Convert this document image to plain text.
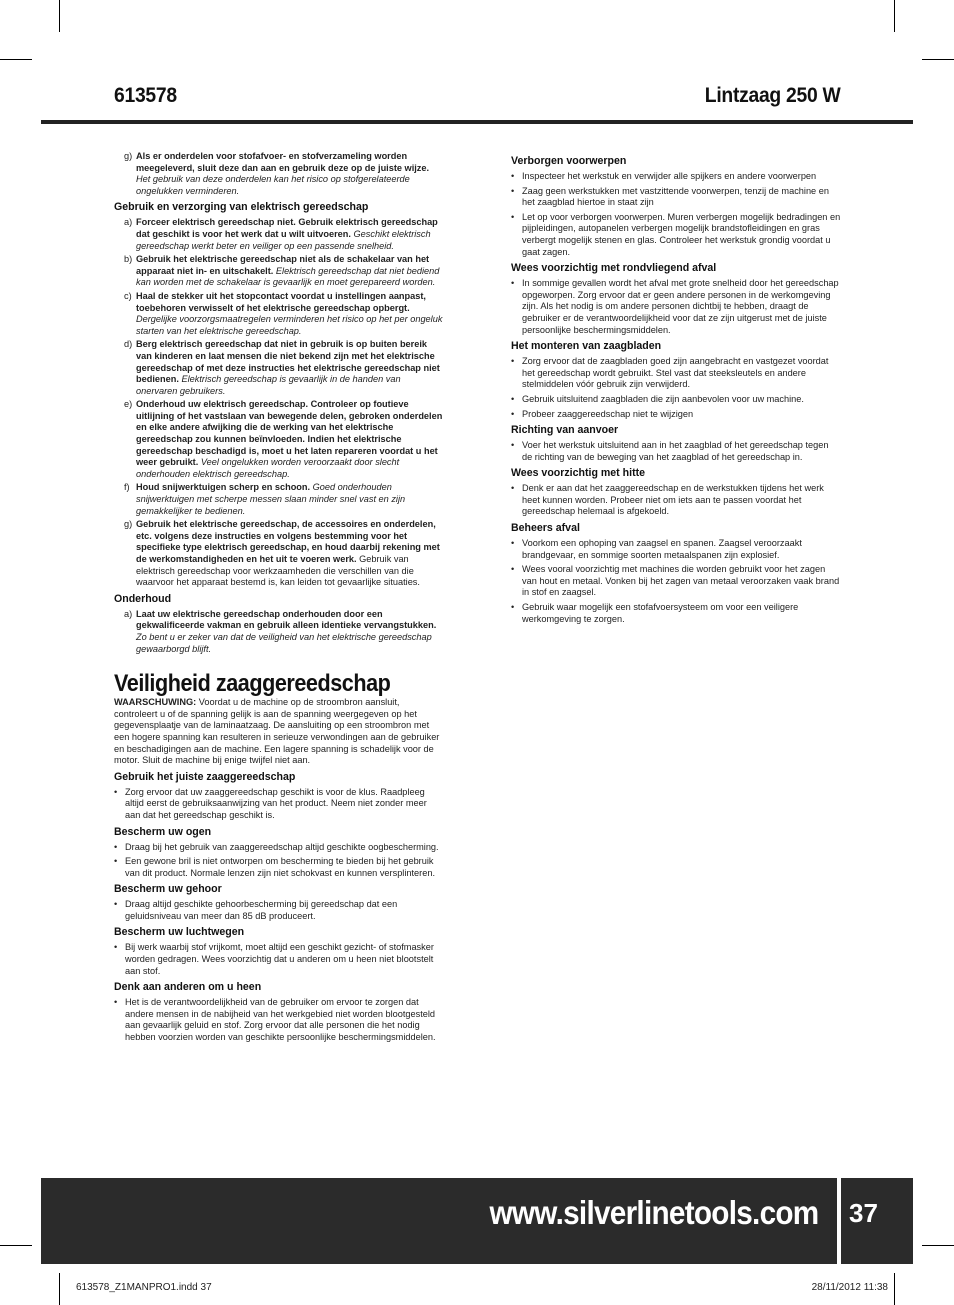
613578	Lintzaag 250 W
g) Als er onderdelen voor stofafvoer- en stofverzameling worden meegeleverd, sluit deze dan aan en gebruik deze op de juiste wijze. Het gebruik van deze onderdelen kan het risico op stofgerelateerde ongelukken verminderen.
Gebruik en verzorging van elektrisch gereedschap
a) Forceer elektrisch gereedschap niet. Gebruik elektrisch gereedschap dat geschikt is voor het werk dat u wilt uitvoeren. Geschikt elektrisch gereedschap werkt beter en veiliger op een passende snelheid.
b) Gebruik het elektrische gereedschap niet als de schakelaar van het apparaat niet in- en uitschakelt. Elektrisch gereedschap dat niet bediend kan worden met de schakelaar is gevaarlijk en moet gerepareerd worden.
c) Haal de stekker uit het stopcontact voordat u instellingen aanpast, toebehoren verwisselt of het elektrische gereedschap opbergt. Dergelijke voorzorgsmaatregelen verminderen het risico op het per ongeluk starten van het elektrische gereedschap.
d) Berg elektrisch gereedschap dat niet in gebruik is op buiten bereik van kinderen en laat mensen die niet bekend zijn met het elektrische gereedschap of met deze instructies het elektrische gereedschap niet bedienen. Elektrisch gereedschap is gevaarlijk in de handen van onervaren gebruikers.
e) Onderhoud uw elektrisch gereedschap. Controleer op foutieve uitlijning of het vastslaan van bewegende delen, gebroken onderdelen en elke andere afwijking die de werking van het elektrische gereedschap zou kunnen beïnvloeden. Indien het elektrische gereedschap beschadigd is, moet u het laten repareren voordat u het weer gebruikt. Veel ongelukken worden veroorzaakt door slecht onderhouden elektrisch gereedschap.
f) Houd snijwerktuigen scherp en schoon. Goed onderhouden snijwerktuigen met scherpe messen slaan minder snel vast en zijn gemakkelijker te bedienen.
g) Gebruik het elektrische gereedschap, de accessoires en onderdelen, etc. volgens deze instructies en volgens bestemming voor het specifieke type elektrisch gereedschap, en houd daarbij rekening met de werkomstandigheden en het uit te voeren werk. Gebruik van elektrisch gereedschap voor werkzaamheden die verschillen van die waarvoor het apparaat bestemd is, kan leiden tot gevaarlijke situaties.
Onderhoud
a) Laat uw elektrische gereedschap onderhouden door een gekwalificeerde vakman en gebruik alleen identieke vervangstukken. Zo bent u er zeker van dat de veiligheid van het elektrische gereedschap gewaarborgd blijft.
Veiligheid zaaggereedschap
WAARSCHUWING: Voordat u de machine op de stroombron aansluit, controleert u of de spanning gelijk is aan de spanning weergegeven op het gegevensplaatje van de laminaatzaag. De aansluiting op een stroombron met een hogere spanning kan resulteren in serieuze verwondingen aan de gebruiker en beschadigingen aan de machine. Een lagere spanning is schadelijk voor de motor. Sluit de machine bij enige twijfel niet aan.
Gebruik het juiste zaaggereedschap
• Zorg ervoor dat uw zaaggereedschap geschikt is voor de klus. Raadpleeg altijd eerst de gebruiksaanwijzing van het product. Neem niet zonder meer aan dat het gereedschap geschikt is.
Bescherm uw ogen
• Draag bij het gebruik van zaaggereedschap altijd geschikte oogbescherming.
• Een gewone bril is niet ontworpen om bescherming te bieden bij het gebruik van dit product. Normale lenzen zijn niet schokvast en kunnen versplinteren.
Bescherm uw gehoor
• Draag altijd geschikte gehoorbescherming bij gereedschap dat een geluidsniveau van meer dan 85 dB produceert.
Bescherm uw luchtwegen
• Bij werk waarbij stof vrijkomt, moet altijd een geschikt gezicht- of stofmasker worden gedragen. Wees voorzichtig dat u anderen om u heen niet blootstelt aan stof.
Denk aan anderen om u heen
• Het is de verantwoordelijkheid van de gebruiker om ervoor te zorgen dat andere mensen in de nabijheid van het werkgebied niet worden blootgesteld aan gevaarlijk geluid en stof. Zorg ervoor dat alle personen die het nodig hebben voorzien worden van geschikte persoonlijke beschermingsmiddelen.
Verborgen voorwerpen
• Inspecteer het werkstuk en verwijder alle spijkers en andere voorwerpen
• Zaag geen werkstukken met vastzittende voorwerpen, tenzij de machine en het zaagblad hiertoe in staat zijn
• Let op voor verborgen voorwerpen. Muren verbergen mogelijk bedradingen en pijpleidingen, autopanelen verbergen mogelijk brandstofleidingen en gras verbergt mogelijk stenen en glas. Controleer het werkstuk grondig voordat u gaat zagen.
Wees voorzichtig met rondvliegend afval
• In sommige gevallen wordt het afval met grote snelheid door het gereedschap opgeworpen. Zorg ervoor dat er geen andere personen in de werkomgeving zijn. Als het nodig is om andere personen dichtbij te hebben, draagt de gebruiker er de verantwoordelijkheid voor dat ze zijn uitgerust met de juiste persoonlijke beschermingsmiddelen.
Het monteren van zaagbladen
• Zorg ervoor dat de zaagbladen goed zijn aangebracht en vastgezet voordat het gereedschap wordt gebruikt. Stel vast dat steeksleutels en andere stelmiddelen vóór gebruik zijn verwijderd.
• Gebruik uitsluitend zaagbladen die zijn aanbevolen voor uw machine.
• Probeer zaaggereedschap niet te wijzigen
Richting van aanvoer
• Voer het werkstuk uitsluitend aan in het zaagblad of het gereedschap tegen de richting van de beweging van het zaagblad of het gereedschap in.
Wees voorzichtig met hitte
• Denk er aan dat het zaaggereedschap en de werkstukken tijdens het werk heet kunnen worden. Probeer niet om iets aan te passen voordat het gereedschap helemaal is afgekoeld.
Beheers afval
• Voorkom een ophoping van zaagsel en spanen. Zaagsel veroorzaakt brandgevaar, en sommige soorten metaalspanen zijn explosief.
• Wees vooral voorzichtig met machines die worden gebruikt voor het zagen van hout en metaal. Vonken bij het zagen van metaal veroorzaken vaak brand in stof en zaagsel.
• Gebruik waar mogelijk een stofafvoersysteem om voor een veiligere werkomgeving te zorgen.
www.silverlinetools.com 37
613578_Z1MANPRO1.indd 37	28/11/2012 11:38
